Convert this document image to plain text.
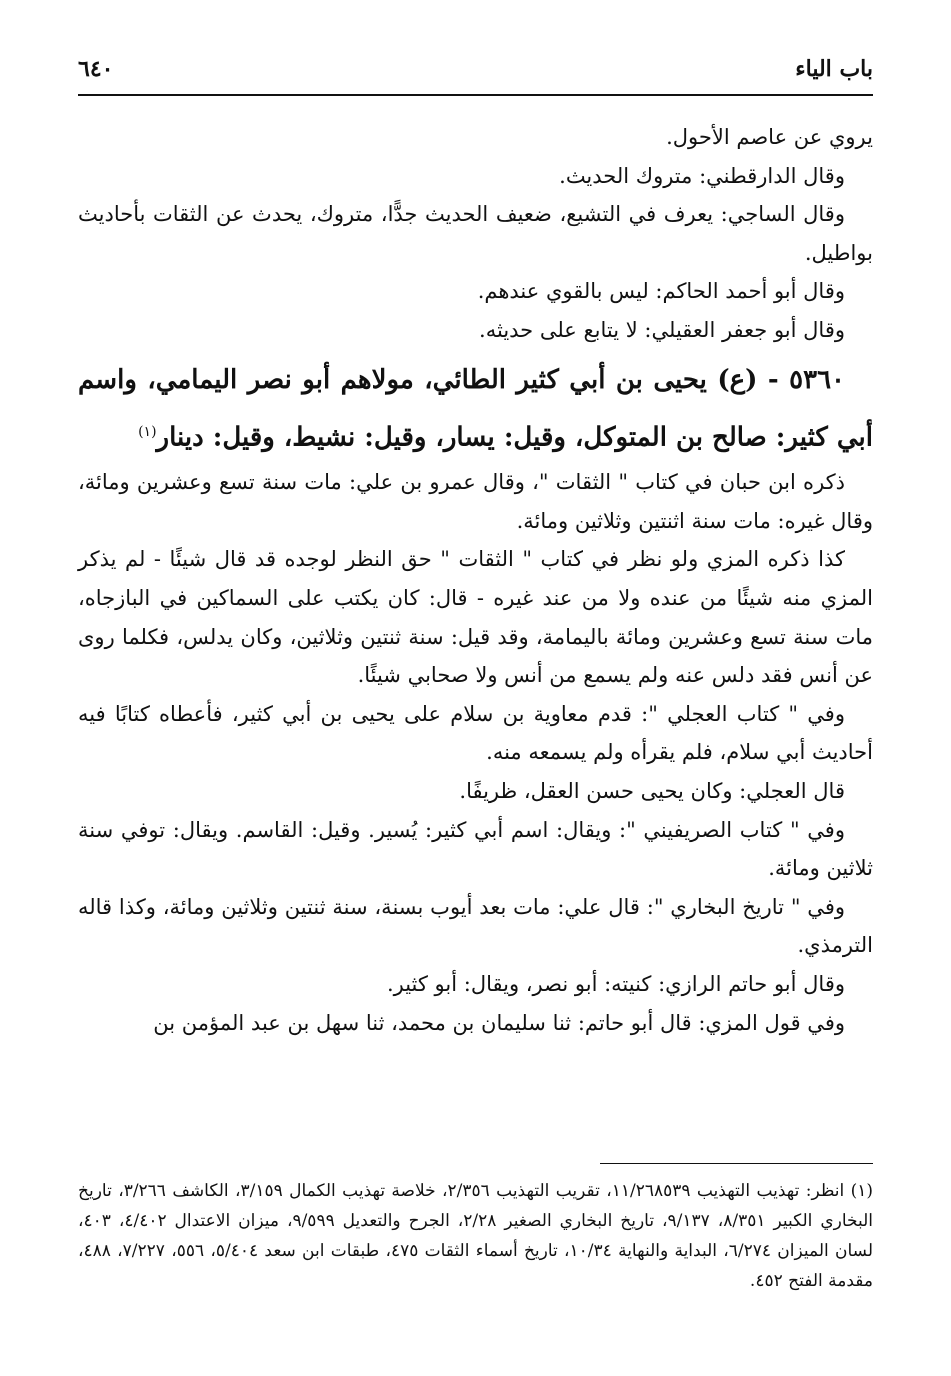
باب الياء
٦٤٠

يروي عن عاصم الأحول.

وقال الدارقطني: متروك الحديث.

وقال الساجي: يعرف في التشيع، ضعيف الحديث جدًّا، متروك، يحدث عن الثقات بأحاديث بواطيل.

وقال أبو أحمد الحاكم: ليس بالقوي عندهم.

وقال أبو جعفر العقيلي: لا يتابع على حديثه.

٥٣٦٠ - (ع) يحيى بن أبي كثير الطائي، مولاهم أبو نصر اليمامي، واسم أبي كثير: صالح بن المتوكل، وقيل: يسار، وقيل: نشيط، وقيل: دينار$^{(١)}$

ذكره ابن حبان في كتاب " الثقات "، وقال عمرو بن علي: مات سنة تسع وعشرين ومائة، وقال غيره: مات سنة اثنتين وثلاثين ومائة.

كذا ذكره المزي ولو نظر في كتاب " الثقات " حق النظر لوجده قد قال شيئًا - لم يذكر المزي منه شيئًا من عنده ولا من عند غيره - قال: كان يكتب على السماكين في البازجاه، مات سنة تسع وعشرين ومائة باليمامة، وقد قيل: سنة ثنتين وثلاثين، وكان يدلس، فكلما روى عن أنس فقد دلس عنه ولم يسمع من أنس ولا صحابي شيئًا.

وفي " كتاب العجلي ": قدم معاوية بن سلام على يحيى بن أبي كثير، فأعطاه كتابًا فيه أحاديث أبي سلام، فلم يقرأه ولم يسمعه منه.

قال العجلي: وكان يحيى حسن العقل، ظريفًا.

وفي " كتاب الصريفيني ": ويقال: اسم أبي كثير: يُسير. وقيل: القاسم. ويقال: توفي سنة ثلاثين ومائة.

وفي " تاريخ البخاري ": قال علي: مات بعد أيوب بسنة، سنة ثنتين وثلاثين ومائة، وكذا قاله الترمذي.

وقال أبو حاتم الرازي: كنيته: أبو نصر، ويقال: أبو كثير.

وفي قول المزي: قال أبو حاتم: ثنا سليمان بن محمد، ثنا سهل بن عبد المؤمن بن

(١) انظر: تهذيب التهذيب ١١/٢٦٨٥٣٩، تقريب التهذيب ٢/٣٥٦، خلاصة تهذيب الكمال ٣/١٥٩، الكاشف ٣/٢٦٦، تاريخ البخاري الكبير ٨/٣٥١، ٩/١٣٧، تاريخ البخاري الصغير ٢/٢٨، الجرح والتعديل ٩/٥٩٩، ميزان الاعتدال ٤/٤٠٢، ٤٠٣، لسان الميزان ٦/٢٧٤، البداية والنهاية ١٠/٣٤، تاريخ أسماء الثقات ٤٧٥، طبقات ابن سعد ٥/٤٠٤، ٥٥٦، ٧/٢٢٧، ٤٨٨، مقدمة الفتح ٤٥٢.
